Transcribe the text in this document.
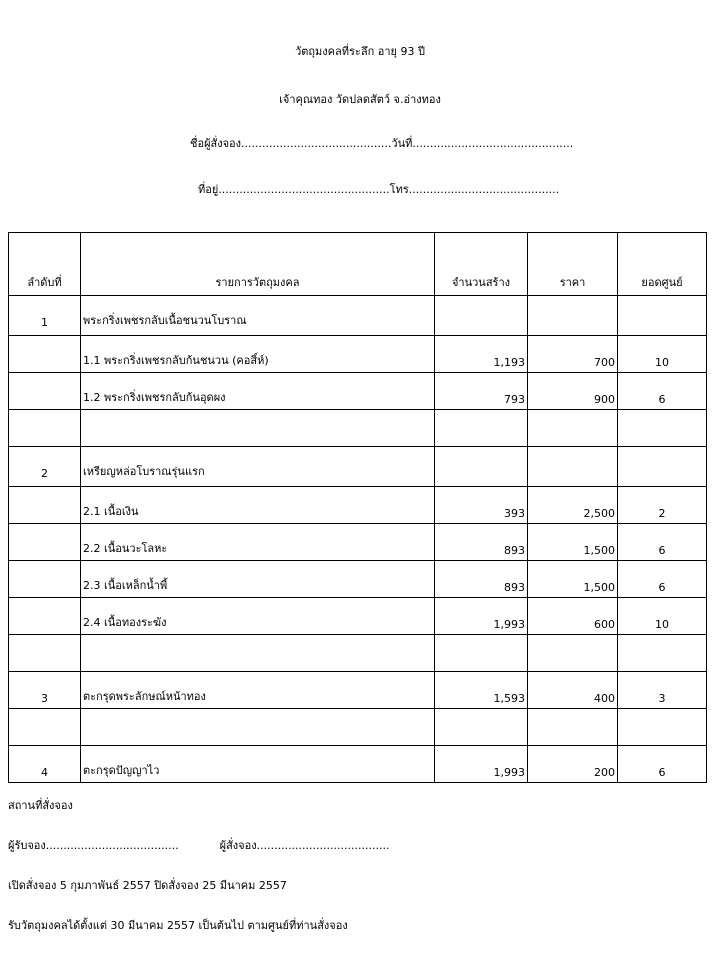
วัตถุมงคลที่ระลึก อายุ 93 ปี
เจ้าคุณทอง วัดปลดสัตว์ จ.อ่างทอง
ชื่อผู้สั่งจอง...........................................วันที่..............................................
ที่อยู่.................................................โทร...........................................
ลำดับที่	รายการวัตถุมงคล	จำนวนสร้าง	ราคา	ยอดศูนย์
1	พระกริ่งเพชรกลับเนื้อชนวนโบราณ			
	1.1 พระกริ่งเพชรกลับก้นชนวน (คอสิ์ห์)	1,193	700	10
	1.2 พระกริ่งเพชรกลับก้นอุดผง	793	900	6

2	เหรียญหล่อโบราณรุ่นแรก			
	2.1 เนื้อเงิน	393	2,500	2
	2.2 เนื้อนวะโลหะ	893	1,500	6
	2.3 เนื้อเหล็กน้ำพี้	893	1,500	6
	2.4 เนื้อทองระฆัง	1,993	600	10

3	ตะกรุดพระลักษณ์หน้าทอง	1,593	400	3

4	ตะกรุดปัญญาไว	1,993	200	6
สถานที่สั่งจอง
ผู้รับจอง......................................	ผู้สั่งจอง......................................
เปิดสั่งจอง 5 กุมภาพันธ์ 2557 ปิดสั่งจอง 25 มีนาคม 2557
รับวัตถุมงคลได้ตั้งแต่ 30 มีนาคม 2557 เป็นต้นไป ตามศูนย์ที่ท่านสั่งจอง
